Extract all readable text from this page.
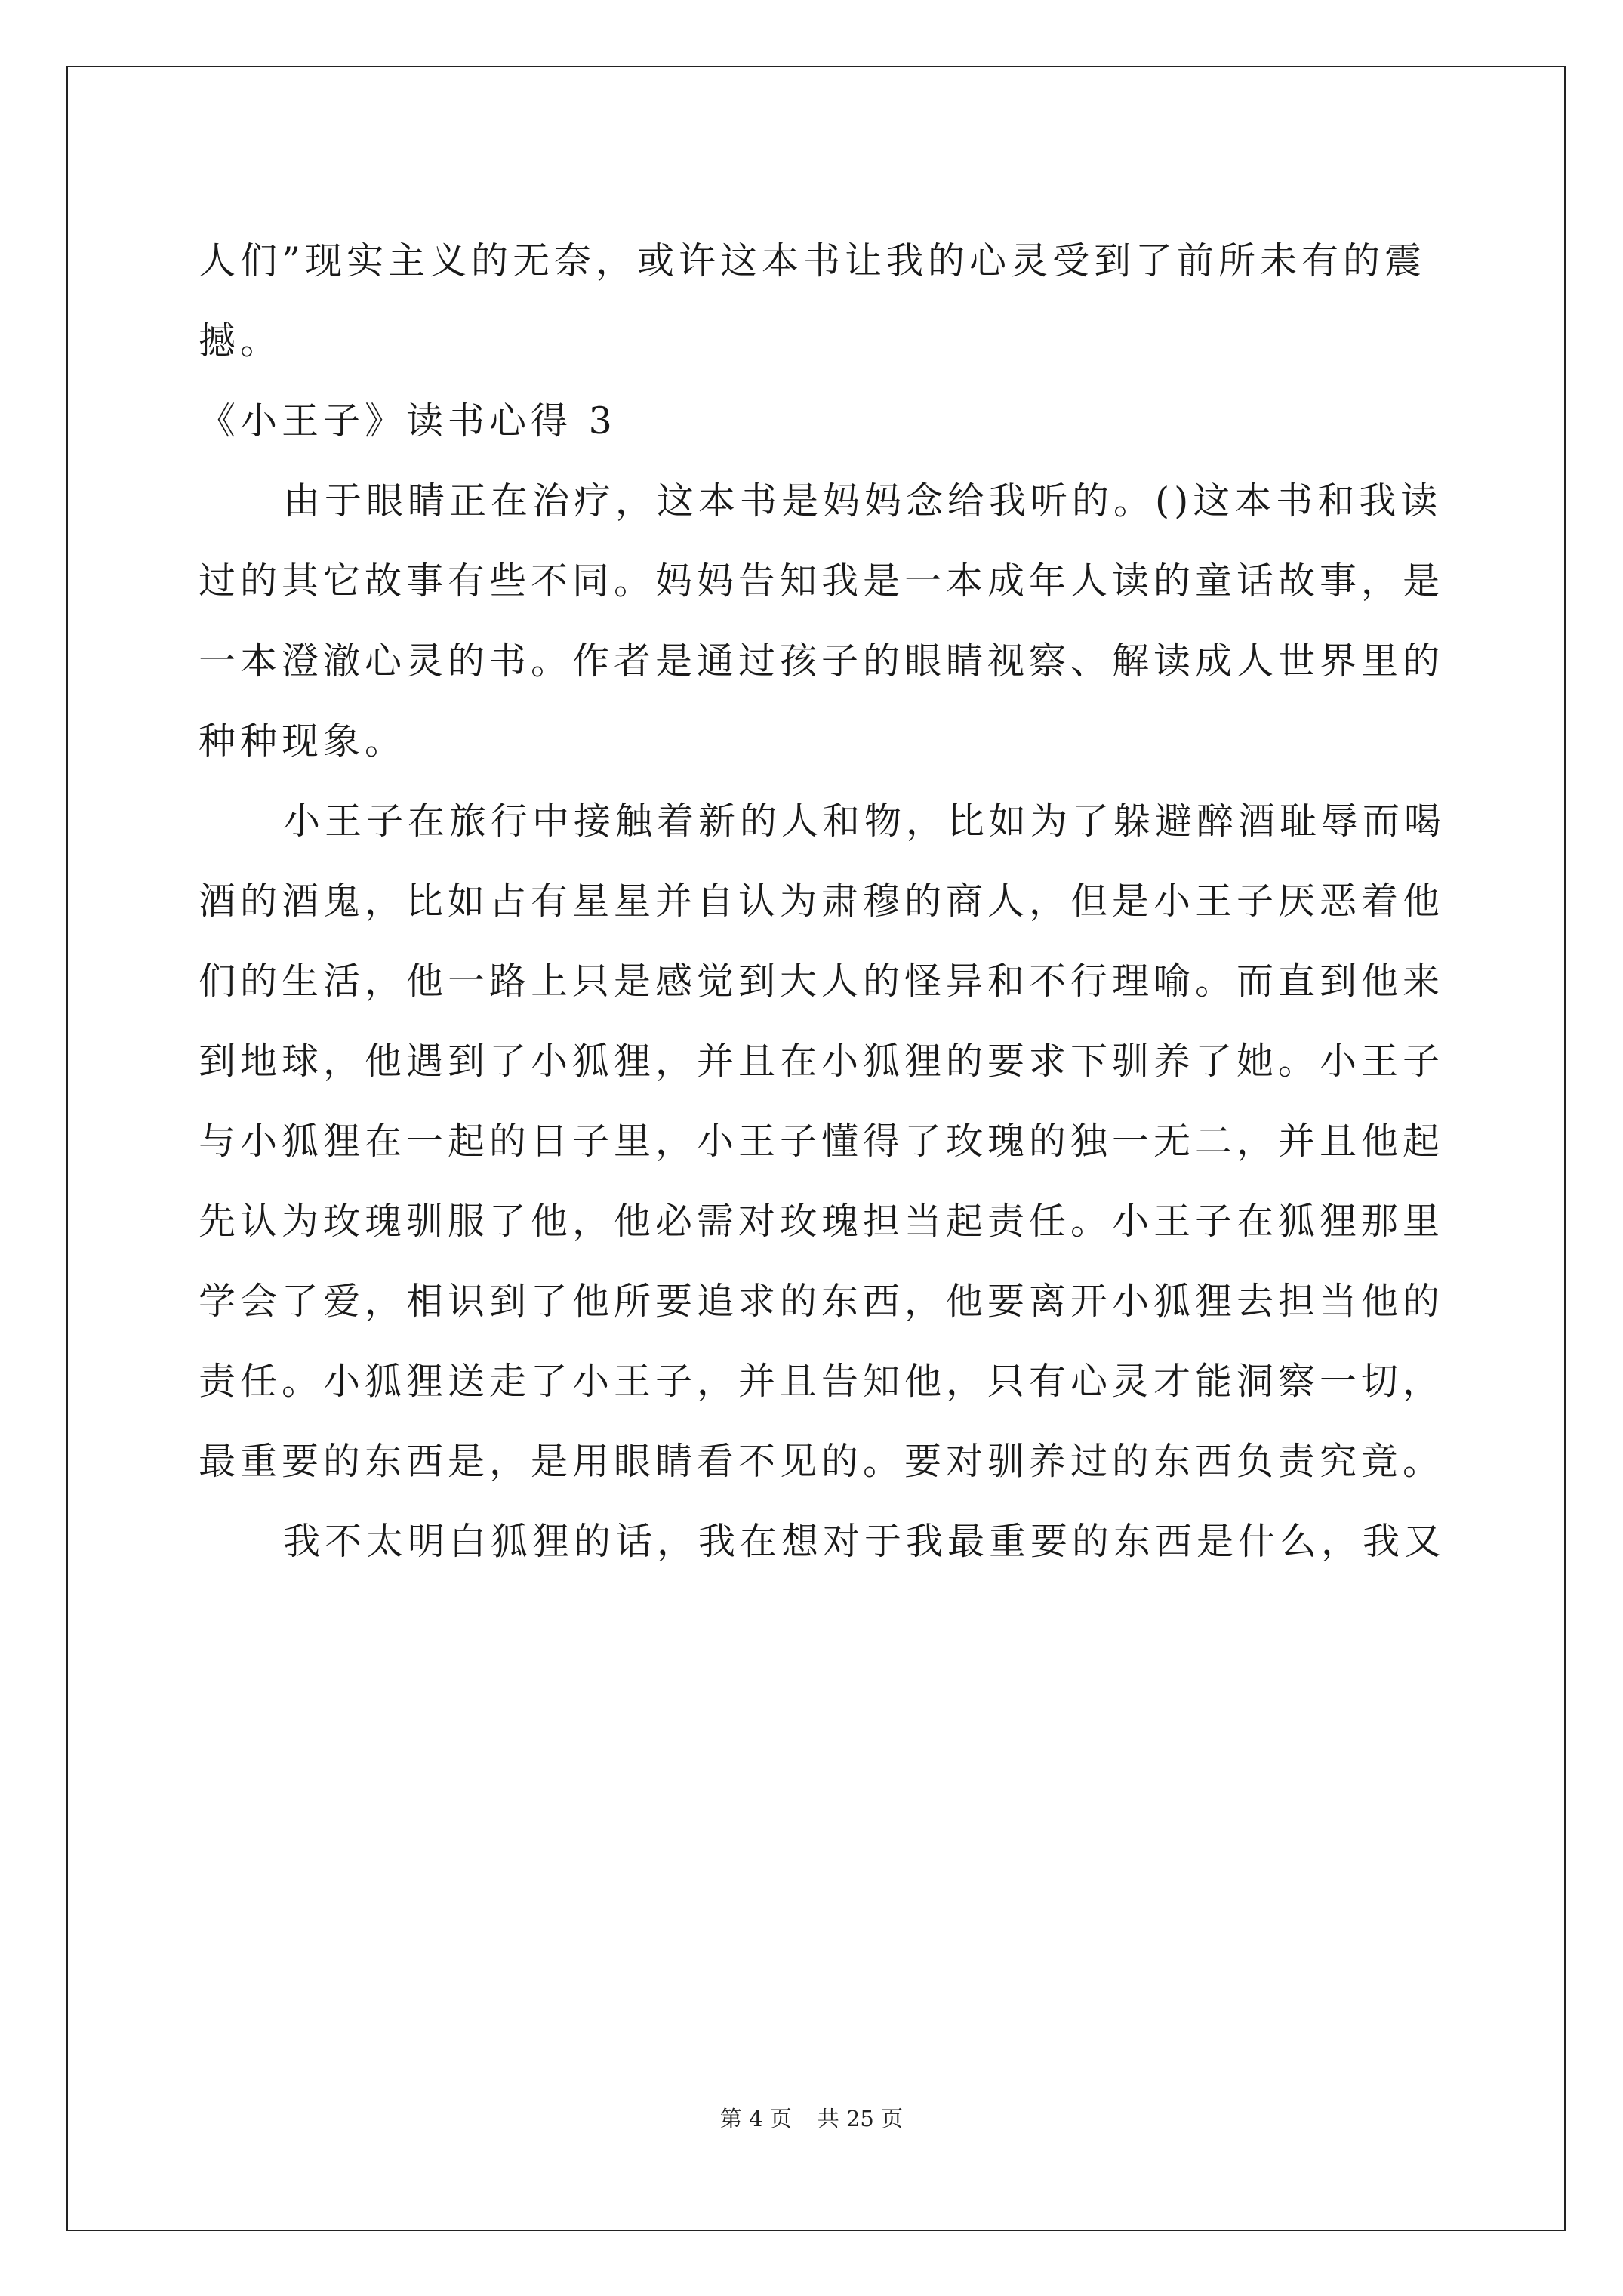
人们”现实主义的无奈，或许这本书让我的心灵受到了前所未有的震
撼。
《小王子》读书心得 3
由于眼睛正在治疗，这本书是妈妈念给我听的。()这本书和我读
过的其它故事有些不同。妈妈告知我是一本成年人读的童话故事，是
一本澄澈心灵的书。作者是通过孩子的眼睛视察、解读成人世界里的
种种现象。
小王子在旅行中接触着新的人和物，比如为了躲避醉酒耻辱而喝
酒的酒鬼，比如占有星星并自认为肃穆的商人，但是小王子厌恶着他
们的生活，他一路上只是感觉到大人的怪异和不行理喻。而直到他来
到地球，他遇到了小狐狸，并且在小狐狸的要求下驯养了她。小王子
与小狐狸在一起的日子里，小王子懂得了玫瑰的独一无二，并且他起
先认为玫瑰驯服了他，他必需对玫瑰担当起责任。小王子在狐狸那里
学会了爱，相识到了他所要追求的东西，他要离开小狐狸去担当他的
责任。小狐狸送走了小王子，并且告知他，只有心灵才能洞察一切，
最重要的东西是，是用眼睛看不见的。要对驯养过的东西负责究竟。
我不太明白狐狸的话，我在想对于我最重要的东西是什么，我又
第 4 页 共 25 页
